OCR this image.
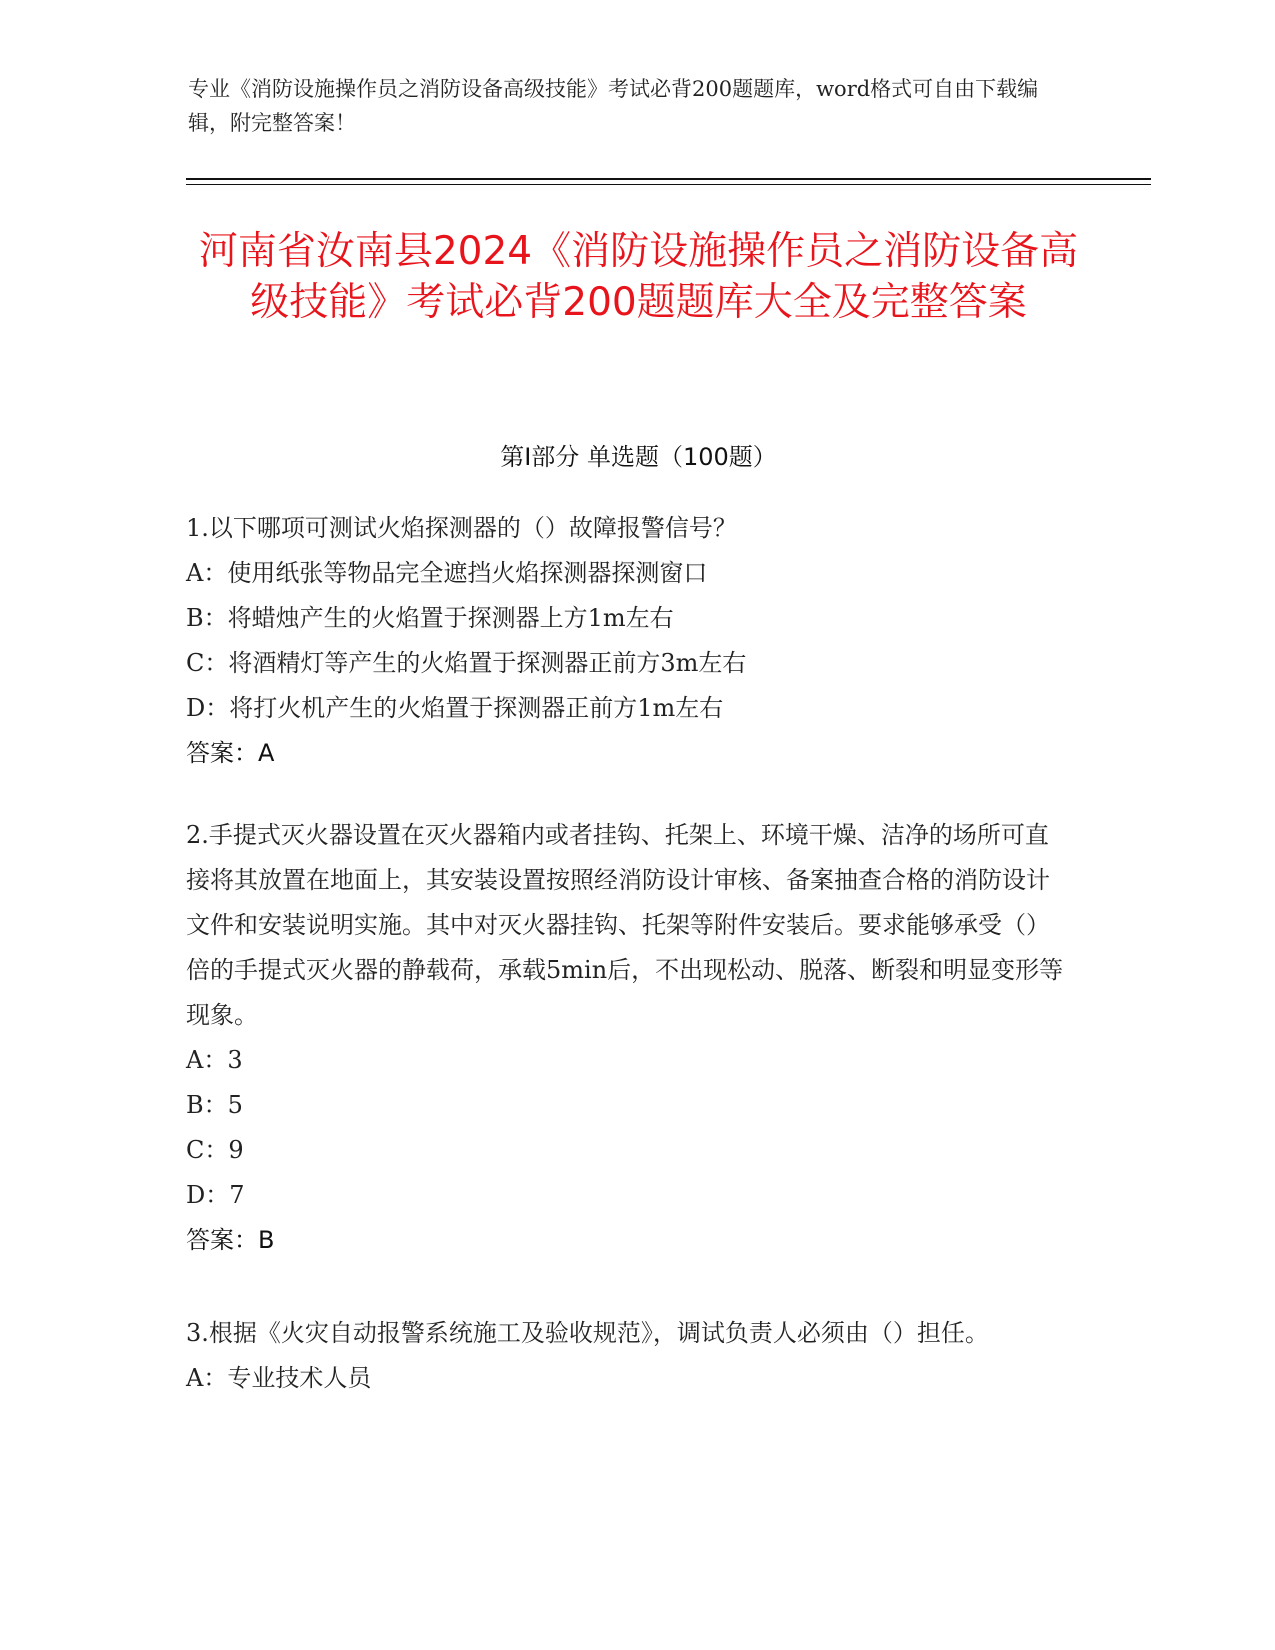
专业《消防设施操作员之消防设备高级技能》考试必背200题题库，word格式可自由下载编辑，附完整答案！

河南省汝南县2024《消防设施操作员之消防设备高级技能》考试必背200题题库大全及完整答案
第Ⅰ部分 单选题（100题）

1.以下哪项可测试火焰探测器的（）故障报警信号？

A：使用纸张等物品完全遮挡火焰探测器探测窗口

B：将蜡烛产生的火焰置于探测器上方1m左右

C：将酒精灯等产生的火焰置于探测器正前方3m左右

D：将打火机产生的火焰置于探测器正前方1m左右

答案：A

2.手提式灭火器设置在灭火器箱内或者挂钩、托架上、环境干燥、洁净的场所可直接将其放置在地面上，其安装设置按照经消防设计审核、备案抽查合格的消防设计文件和安装说明实施。其中对灭火器挂钩、托架等附件安装后。要求能够承受（）倍的手提式灭火器的静载荷，承载5min后，不出现松动、脱落、断裂和明显变形等现象。

A：3

B：5

C：9

D：7

答案：B

3.根据《火灾自动报警系统施工及验收规范》，调试负责人必须由（）担任。

A：专业技术人员
